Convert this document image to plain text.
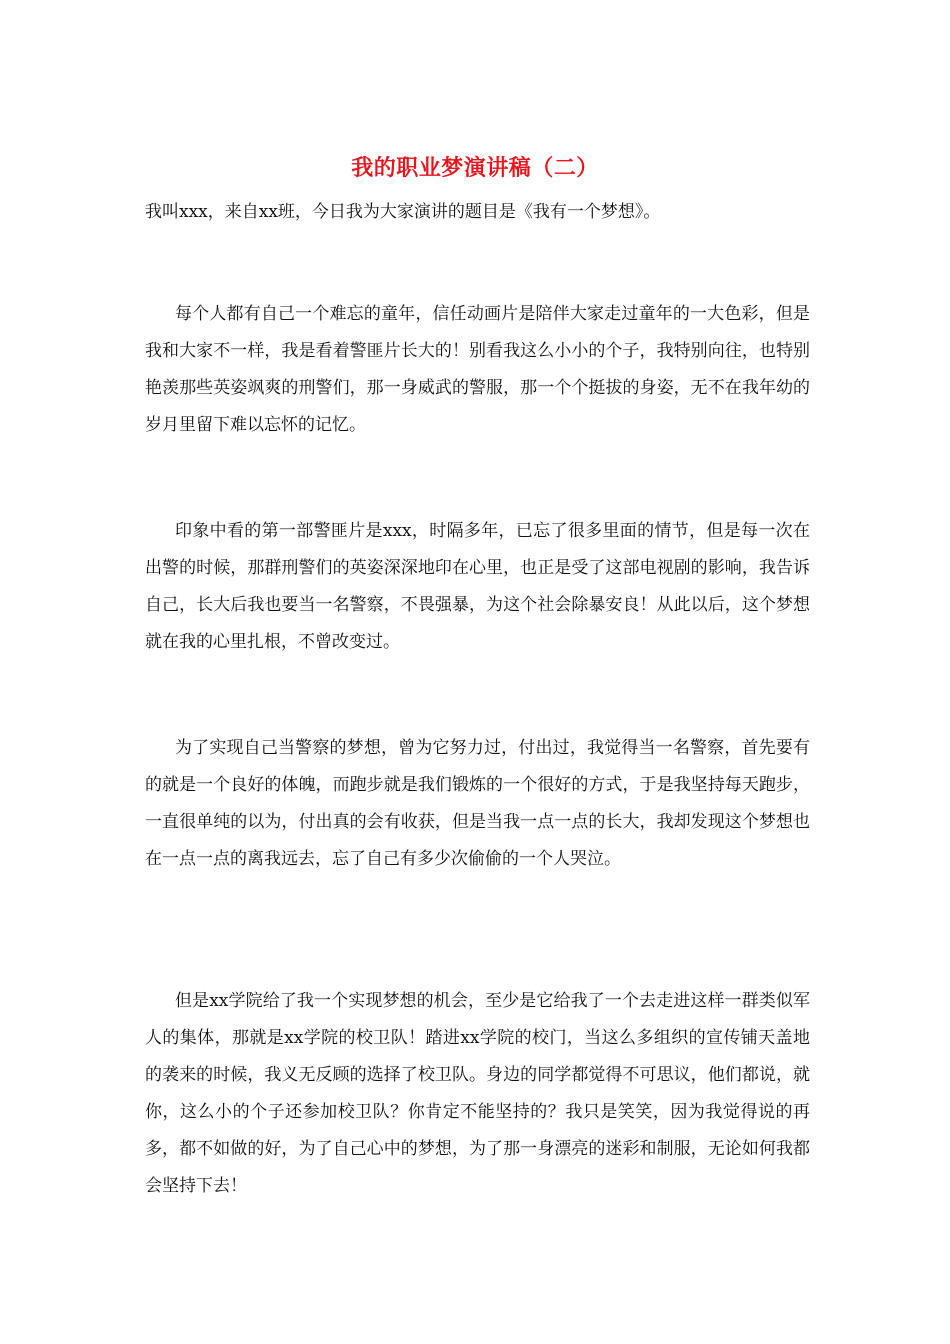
我的职业梦演讲稿（二）

我叫xxx，来自xx班，今日我为大家演讲的题目是《我有一个梦想》。

每个人都有自己一个难忘的童年，信任动画片是陪伴大家走过童年的一大色彩，但是我和大家不一样，我是看着警匪片长大的！别看我这么小小的个子，我特别向往，也特别艳羡那些英姿飒爽的刑警们，那一身威武的警服，那一个个挺拔的身姿，无不在我年幼的岁月里留下难以忘怀的记忆。

印象中看的第一部警匪片是xxx，时隔多年，已忘了很多里面的情节，但是每一次在出警的时候，那群刑警们的英姿深深地印在心里，也正是受了这部电视剧的影响，我告诉自己，长大后我也要当一名警察，不畏强暴，为这个社会除暴安良！从此以后，这个梦想就在我的心里扎根，不曾改变过。

为了实现自己当警察的梦想，曾为它努力过，付出过，我觉得当一名警察，首先要有的就是一个良好的体魄，而跑步就是我们锻炼的一个很好的方式，于是我坚持每天跑步，一直很单纯的以为，付出真的会有收获，但是当我一点一点的长大，我却发现这个梦想也在一点一点的离我远去，忘了自己有多少次偷偷的一个人哭泣。

但是xx学院给了我一个实现梦想的机会，至少是它给我了一个去走进这样一群类似军人的集体，那就是xx学院的校卫队！踏进xx学院的校门，当这么多组织的宣传铺天盖地的袭来的时候，我义无反顾的选择了校卫队。身边的同学都觉得不可思议，他们都说，就你，这么小的个子还参加校卫队？你肯定不能坚持的？我只是笑笑，因为我觉得说的再多，都不如做的好，为了自己心中的梦想，为了那一身漂亮的迷彩和制服，无论如何我都会坚持下去！
